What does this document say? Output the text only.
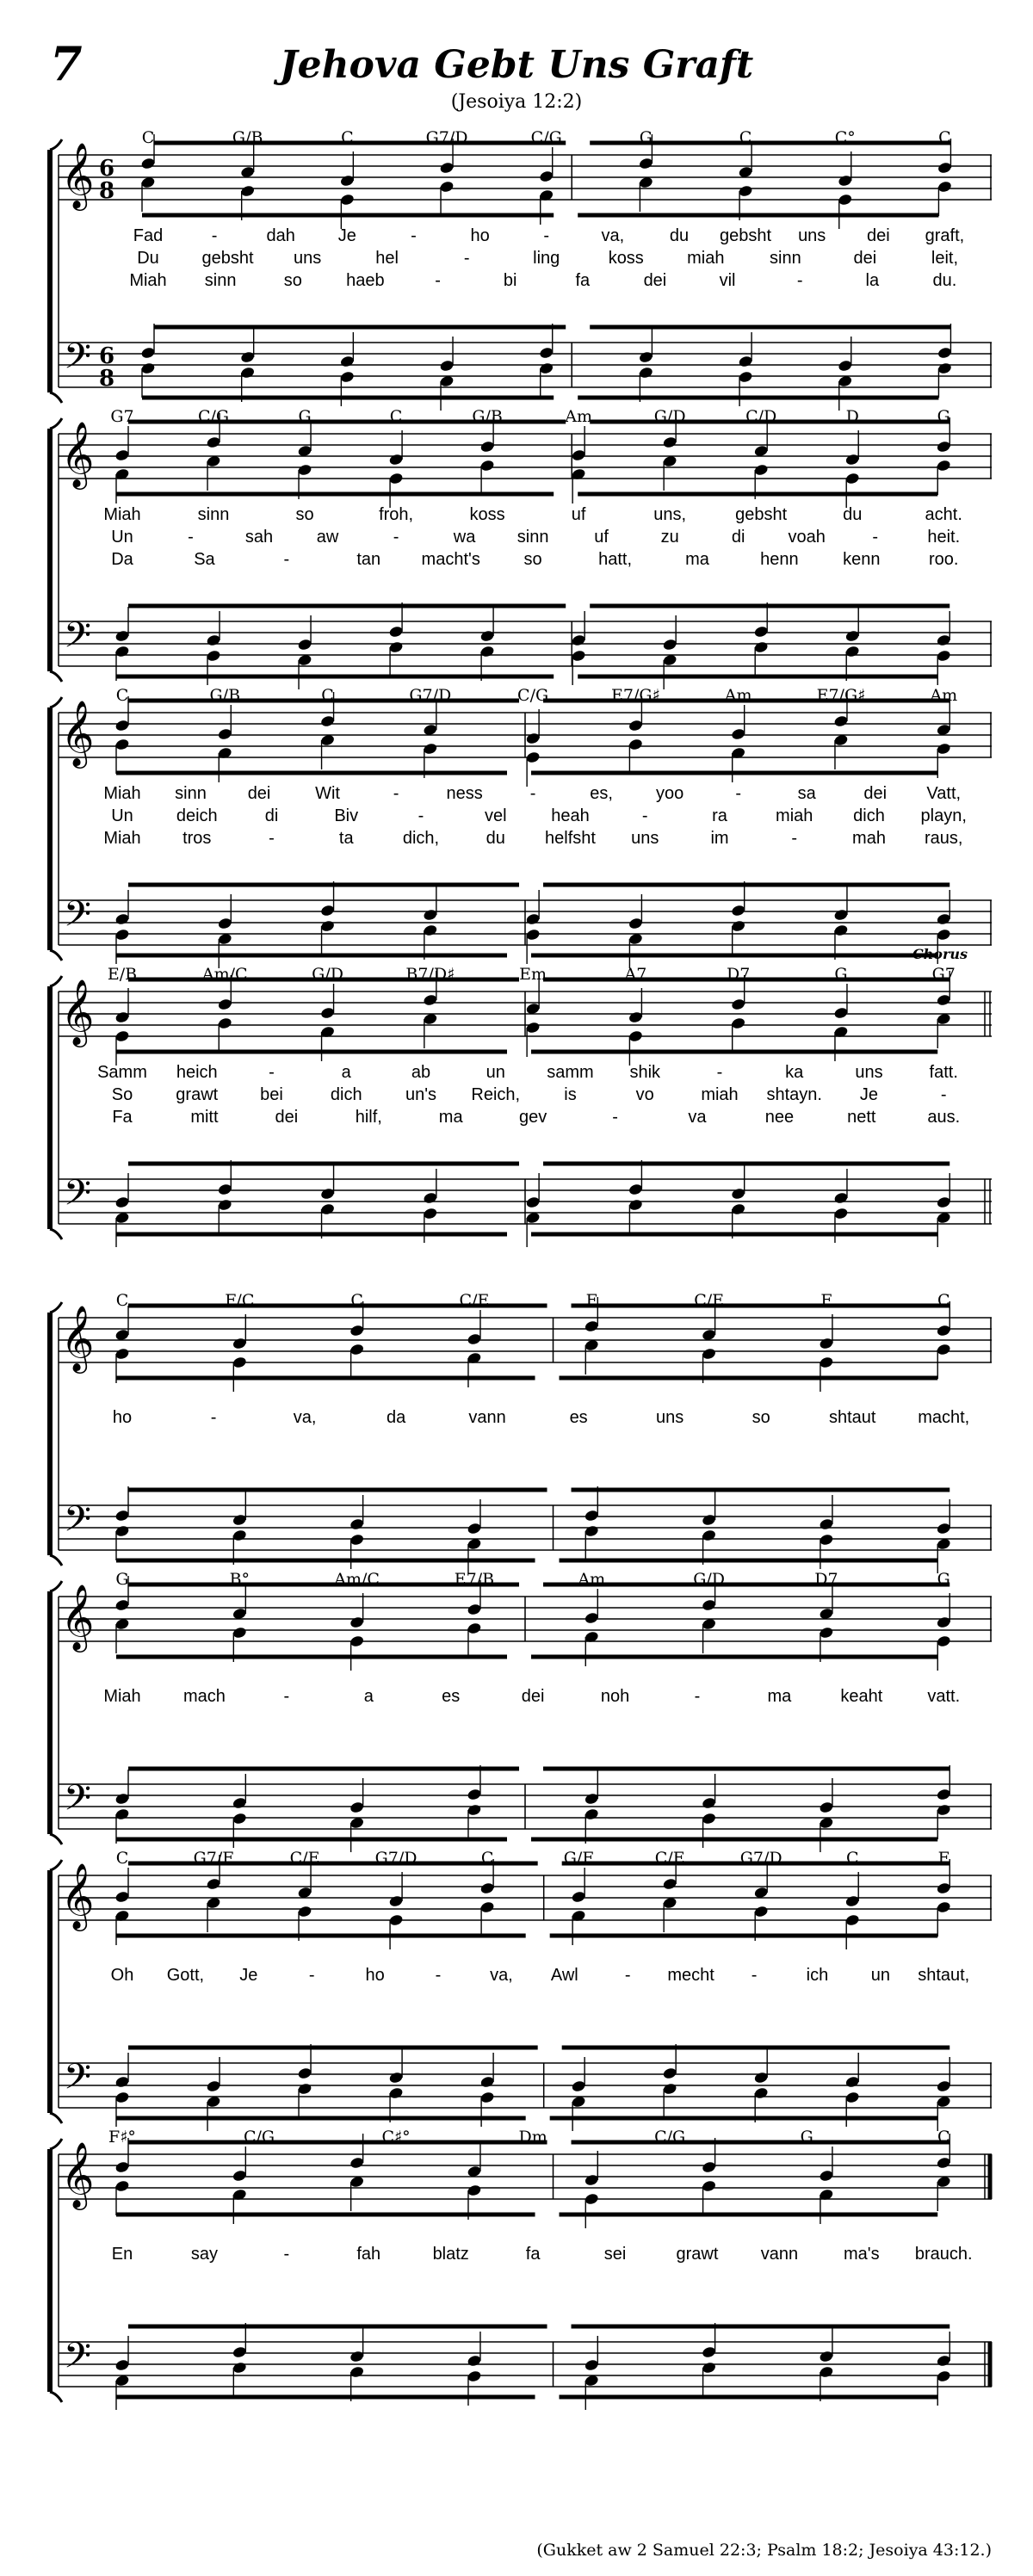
7	Jehova Gebt Uns Graft
(Jesoiya 12:2)
𝄞
𝄢
6
8
6
8
C	G/B	C	G7/D	C/G	G	C	C°	C
Fad	-	dah Je	-	ho	-	va,	du gebsht uns dei graft,
Du gebsht uns	hel	-	ling	koss	miah	sinn	dei	leit,
Miah sinn	so	haeb	-	bi	fa	dei	vil	-	la	du.
𝄞
𝄢
G7	C/G	G	C	G/B	Am	G/D	C/D	D	G
Miah	sinn	so	froh,	koss	uf	uns,	gebsht	du	acht.
Un	-	sah	aw	-	wa sinn	uf	zu	di	voah	-	heit.
Da	Sa	-	tan macht's	so	hatt,	ma	henn	kenn	roo.
𝄞
𝄢
C	G/B	C	G7/D	C/G	E7/G♯	Am	E7/G♯	Am
Miah sinn dei	Wit	-	ness	-	es,	yoo	-	sa	dei Vatt,
Un	deich	di	Biv	-	vel	heah	-	ra	miah dich playn,
Miah tros	-	ta	dich,	du helfsht uns	im	-	mah raus,
𝄞
𝄢
E/B	Am/C	G/D	B7/D♯	Em	A7	D7	G	G7
Chorus
Samm heich	-	a	ab	un samm shik	-	ka	uns	fatt.
So	grawt bei	dich	un's Reich,	is	vo	miah shtayn. Je	-
Fa	mitt	dei	hilf,	ma	gev	-	va	nee	nett	aus.
𝄞
𝄢
C	F/C	C	C/E	F	C/E	F	C
ho	-	va,	da	vann	es	uns	so	shtaut macht,
𝄞
𝄢
G	B°	Am/C	E7/B	Am	G/D	D7	G
Miah mach	-	a	es	dei	noh	-	ma	keaht	vatt.
𝄞
𝄢
C	G7/F	C/E	G7/D	C	G/F	C/E	G7/D	C	F
Oh Gott, Je	-	ho	-	va, Awl	- mecht -	ich un shtaut,
𝄞
𝄢
F♯°	C/G	C♯°	Dm	C/G	G	C
En	say	-	fah	blatz	fa	sei	grawt vann	ma's brauch.
(Gukket aw 2 Samuel 22:3; Psalm 18:2; Jesoiya 43:12.)
